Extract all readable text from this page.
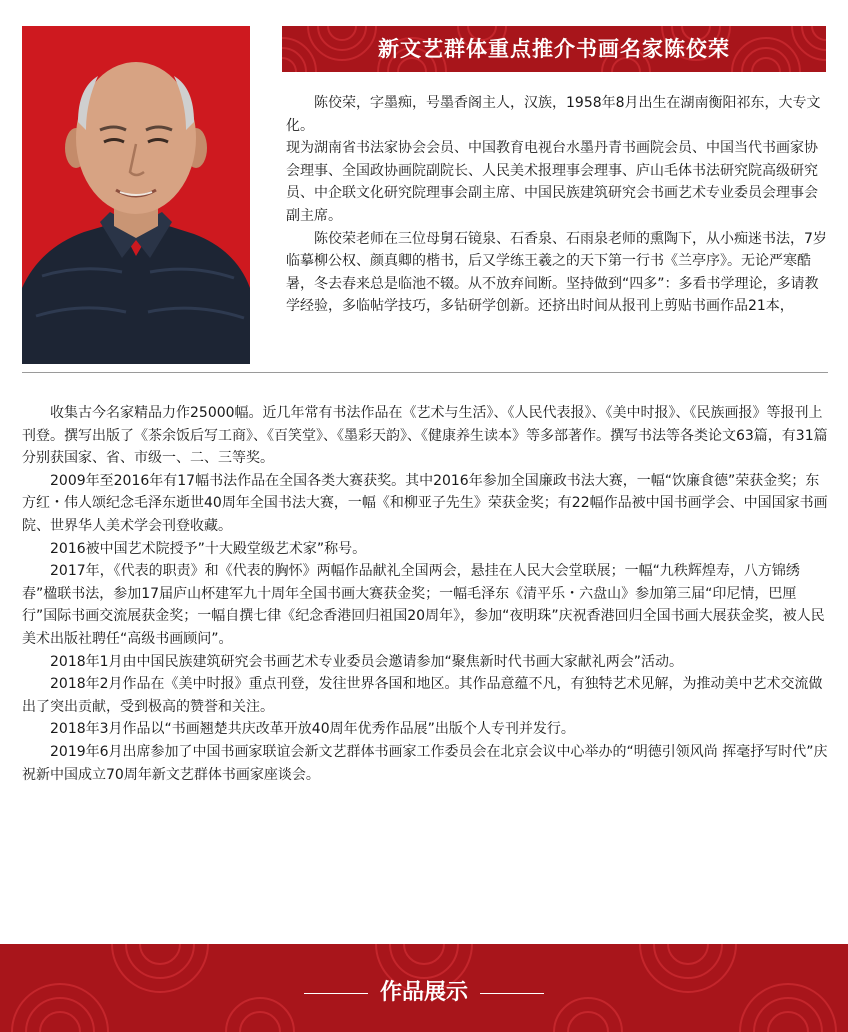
新文艺群体重点推介书画名家陈佼荣

陈佼荣，字墨痴，号墨香阁主人，汉族，1958年8月出生在湖南衡阳祁东，大专文化。

现为湖南省书法家协会会员、中国教育电视台水墨丹青书画院会员、中国当代书画家协会理事、全国政协画院副院长、人民美术报理事会理事、庐山毛体书法研究院高级研究员、中企联文化研究院理事会副主席、中国民族建筑研究会书画艺术专业委员会理事会副主席。

陈佼荣老师在三位母舅石镜泉、石香泉、石雨泉老师的熏陶下，从小痴迷书法，7岁临摹柳公权、颜真卿的楷书，后又学练王羲之的天下第一行书《兰亭序》。无论严寒酷暑，冬去春来总是临池不辍。从不放弃间断。坚持做到“四多”：多看书学理论，多请教学经验，多临帖学技巧，多钻研学创新。还挤出时间从报刊上剪贴书画作品21本，

收集古今名家精品力作25000幅。近几年常有书法作品在《艺术与生活》、《人民代表报》、《美中时报》、《民族画报》等报刊上刊登。撰写出版了《茶余饭后写工商》、《百笑堂》、《墨彩天韵》、《健康养生读本》等多部著作。撰写书法等各类论文63篇，有31篇分别获国家、省、市级一、二、三等奖。

2009年至2016年有17幅书法作品在全国各类大赛获奖。其中2016年参加全国廉政书法大赛，一幅“饮廉食德”荣获金奖；东方红・伟人颂纪念毛泽东逝世40周年全国书法大赛，一幅《和柳亚子先生》荣获金奖；有22幅作品被中国书画学会、中国国家书画院、世界华人美术学会刊登收藏。

2016被中国艺术院授予”十大殿堂级艺术家”称号。

2017年，《代表的职责》和《代表的胸怀》两幅作品献礼全国两会，悬挂在人民大会堂联展；一幅“九秩辉煌寿，八方锦绣春”楹联书法，参加17届庐山杯建军九十周年全国书画大赛获金奖；一幅毛泽东《清平乐・六盘山》参加第三届“印尼情，巴厘行”国际书画交流展获金奖；一幅自撰七律《纪念香港回归祖国20周年》，参加“夜明珠”庆祝香港回归全国书画大展获金奖，被人民美术出版社聘任“高级书画顾问”。

2018年1月由中国民族建筑研究会书画艺术专业委员会邀请参加“聚焦新时代书画大家献礼两会”活动。

2018年2月作品在《美中时报》重点刊登，发往世界各国和地区。其作品意蕴不凡，有独特艺术见解，为推动美中艺术交流做出了突出贡献，受到极高的赞誉和关注。

2018年3月作品以“书画翘楚共庆改革开放40周年优秀作品展”出版个人专刊并发行。

2019年6月出席参加了中国书画家联谊会新文艺群体书画家工作委员会在北京会议中心举办的“明德引领风尚 挥毫抒写时代”庆祝新中国成立70周年新文艺群体书画家座谈会。

作品展示
